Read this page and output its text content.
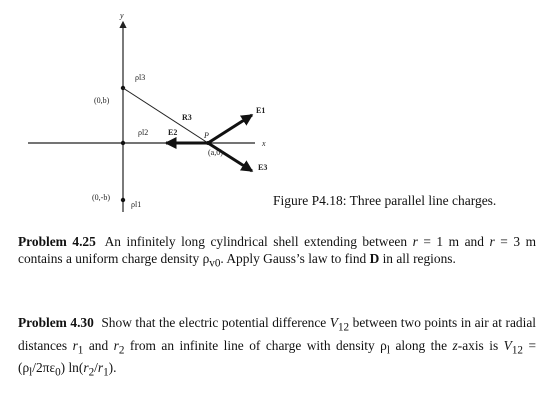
y
x
(0,b)
(0,-b)
ρl3
ρl2
ρl1
R3
E2
E1
E3
P
(a,0)
Figure P4.18: Three parallel line charges.
Problem 4.25 An infinitely long cylindrical shell extending between r = 1 m and r = 3 m contains a uniform charge density $\rho_{v0}$. Apply Gauss’s law to find D in all regions.
Problem 4.30 Show that the electric potential difference $V_{12}$ between two points in air at radial distances $r_1$ and $r_2$ from an infinite line of charge with density $\rho_l$ along the z-axis is $V_{12} = (\rho_l/2\pi\varepsilon_0)$ $\ln(r_2/r_1)$.
